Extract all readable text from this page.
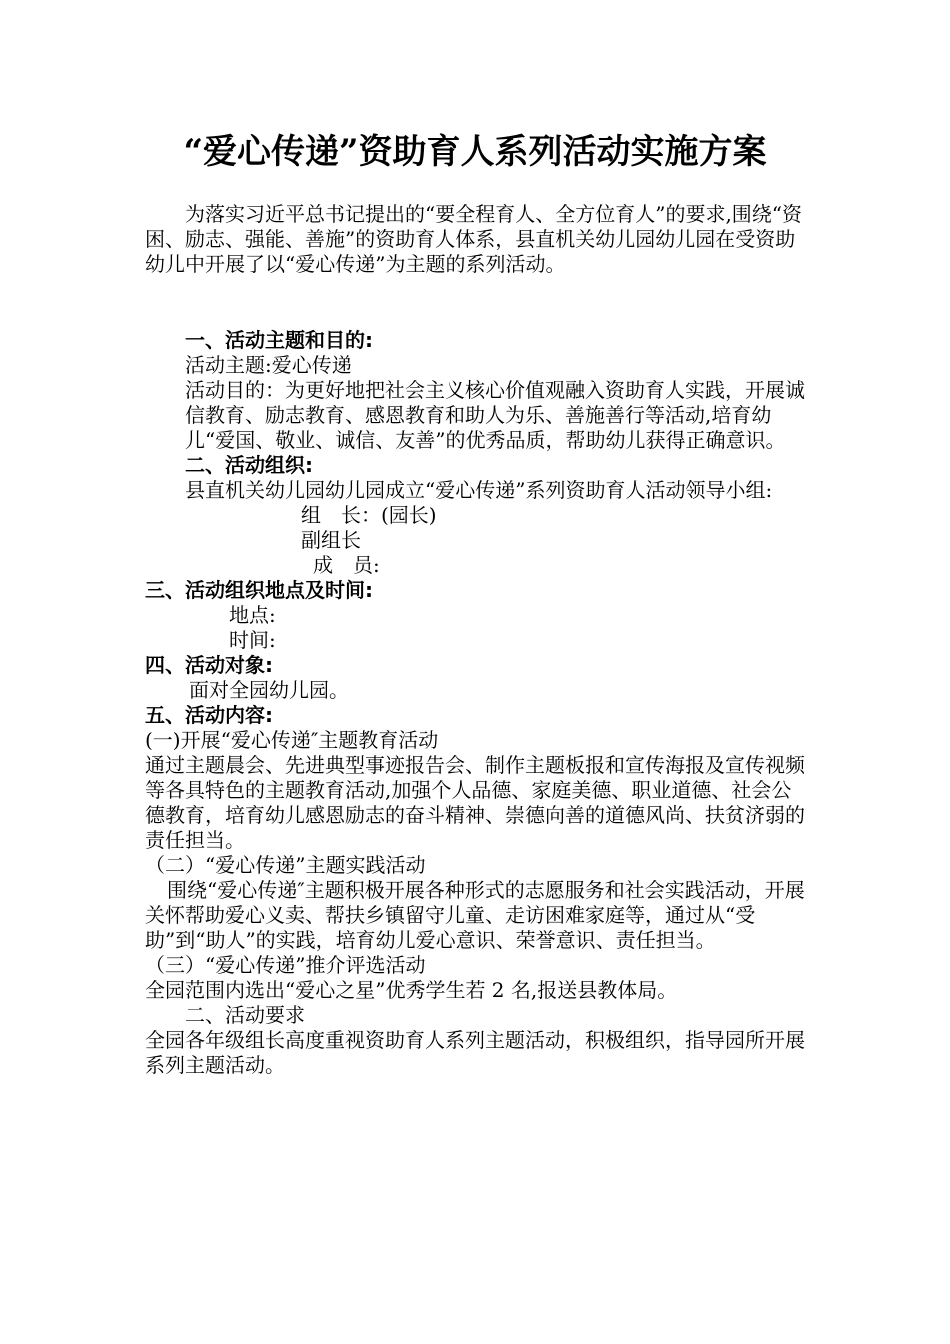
“爱心传递”资助育人系列活动实施方案
为落实习近平总书记提出的“要全程育人、全方位育人”的要求,围绕“资困、励志、强能、善施”的资助育人体系，县直机关幼儿园幼儿园在受资助幼儿中开展了以“爱心传递”为主题的系列活动。
一、活动主题和目的:
活动主题:爱心传递
活动目的：为更好地把社会主义核心价值观融入资助育人实践，开展诚信教育、励志教育、感恩教育和助人为乐、善施善行等活动,培育幼儿“爱国、敬业、诚信、友善”的优秀品质，帮助幼儿获得正确意识。
二、活动组织:
县直机关幼儿园幼儿园成立“爱心传递”系列资助育人活动领导小组:
组　长：(园长)
副组长
成　员:
三、活动组织地点及时间:
地点:
时间:
四、活动对象:
面对全园幼儿园。
五、活动内容:
(一)开展“爱心传递″主题教育活动
通过主题晨会、先进典型事迹报告会、制作主题板报和宣传海报及宣传视频等各具特色的主题教育活动,加强个人品德、家庭美德、职业道德、社会公德教育，培育幼儿感恩励志的奋斗精神、崇德向善的道德风尚、扶贫济弱的责任担当。
（二）“爱心传递”主题实践活动
围绕“爱心传递″主题积极开展各种形式的志愿服务和社会实践活动，开展关怀帮助爱心义卖、帮扶乡镇留守儿童、走访困难家庭等，通过从“受助”到“助人”的实践，培育幼儿爱心意识、荣誉意识、责任担当。
（三）“爱心传递”推介评选活动
全园范围内选出“爱心之星”优秀学生若 2 名,报送县教体局。
二、活动要求
全园各年级组长高度重视资助育人系列主题活动，积极组织，指导园所开展系列主题活动。
